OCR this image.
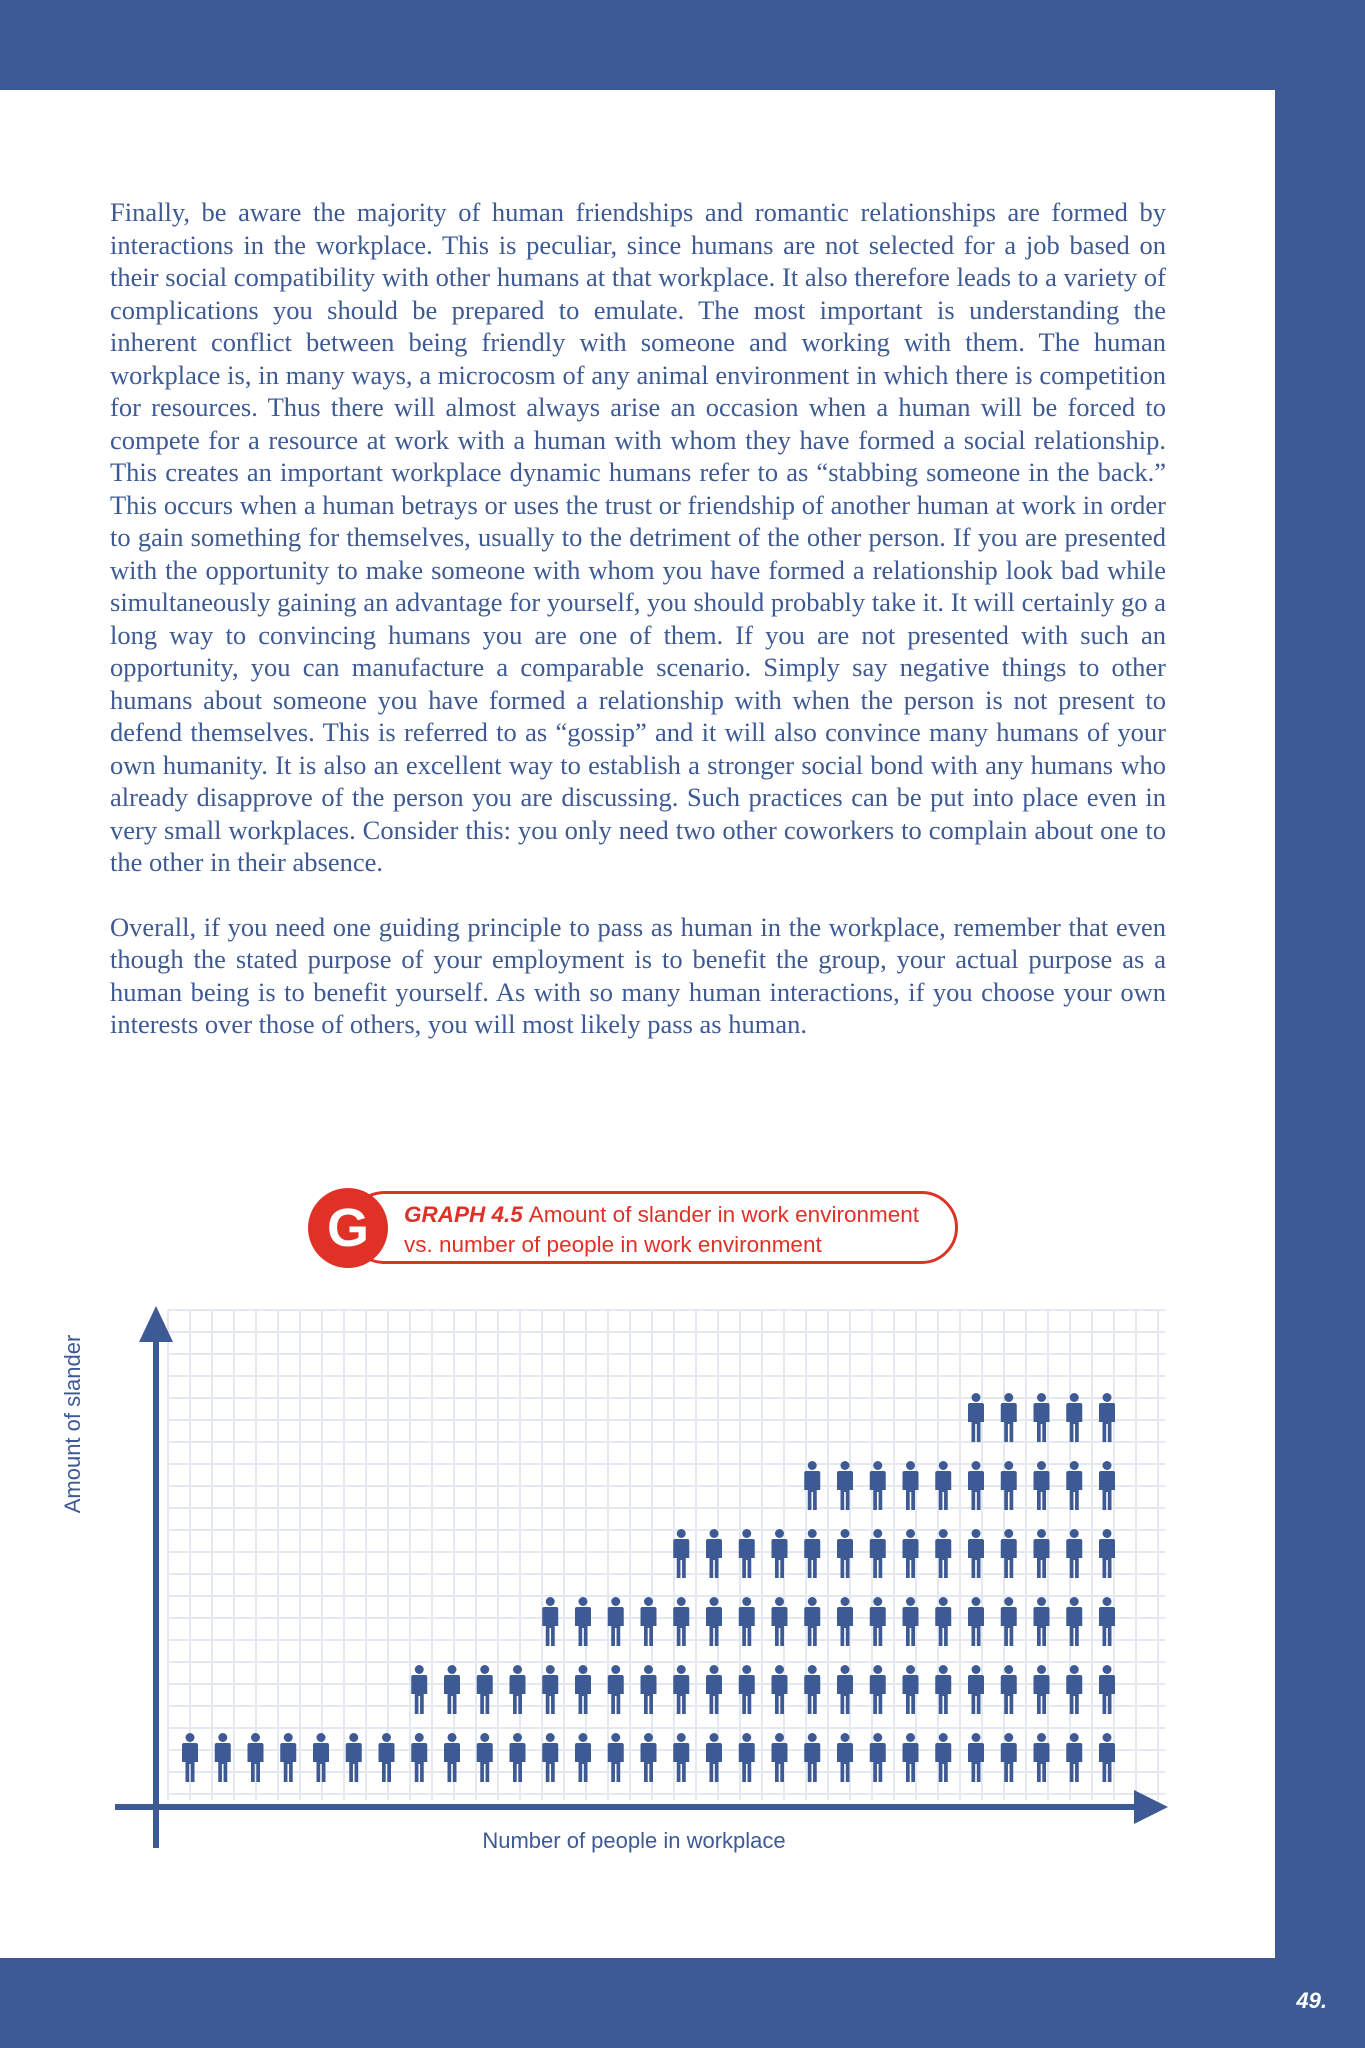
Finally, be aware the majority of human friendships and romantic relationships are formed by interactions in the workplace. This is peculiar, since humans are not selected for a job based on their social compatibility with other humans at that workplace. It also therefore leads to a variety of complications you should be prepared to emulate. The most important is understanding the inherent conflict between being friendly with someone and working with them. The human workplace is, in many ways, a microcosm of any animal environment in which there is competition for resources. Thus there will almost always arise an occasion when a human will be forced to compete for a resource at work with a human with whom they have formed a social relationship. This creates an important workplace dynamic humans refer to as “stabbing someone in the back.” This occurs when a human betrays or uses the trust or friendship of another human at work in order to gain something for themselves, usually to the detriment of the other person. If you are presented with the opportunity to make someone with whom you have formed a relationship look bad while simultaneously gaining an advantage for yourself, you should probably take it. It will certainly go a long way to convincing humans you are one of them. If you are not presented with such an opportunity, you can manufacture a comparable scenario. Simply say negative things to other humans about someone you have formed a relationship with when the person is not present to defend themselves. This is referred to as “gossip” and it will also convince many humans of your own humanity. It is also an excellent way to establish a stronger social bond with any humans who already disapprove of the person you are discussing. Such practices can be put into place even in very small workplaces. Consider this: you only need two other coworkers to complain about one to the other in their absence.

Overall, if you need one guiding principle to pass as human in the workplace, remember that even though the stated purpose of your employment is to benefit the group, your actual purpose as a human being is to benefit yourself. As with so many human interactions, if you choose your own interests over those of others, you will most likely pass as human.

G	GRAPH 4.5 Amount of slander in work environment
vs. number of people in work environment
Amount of slander
Number of people in workplace
49.
